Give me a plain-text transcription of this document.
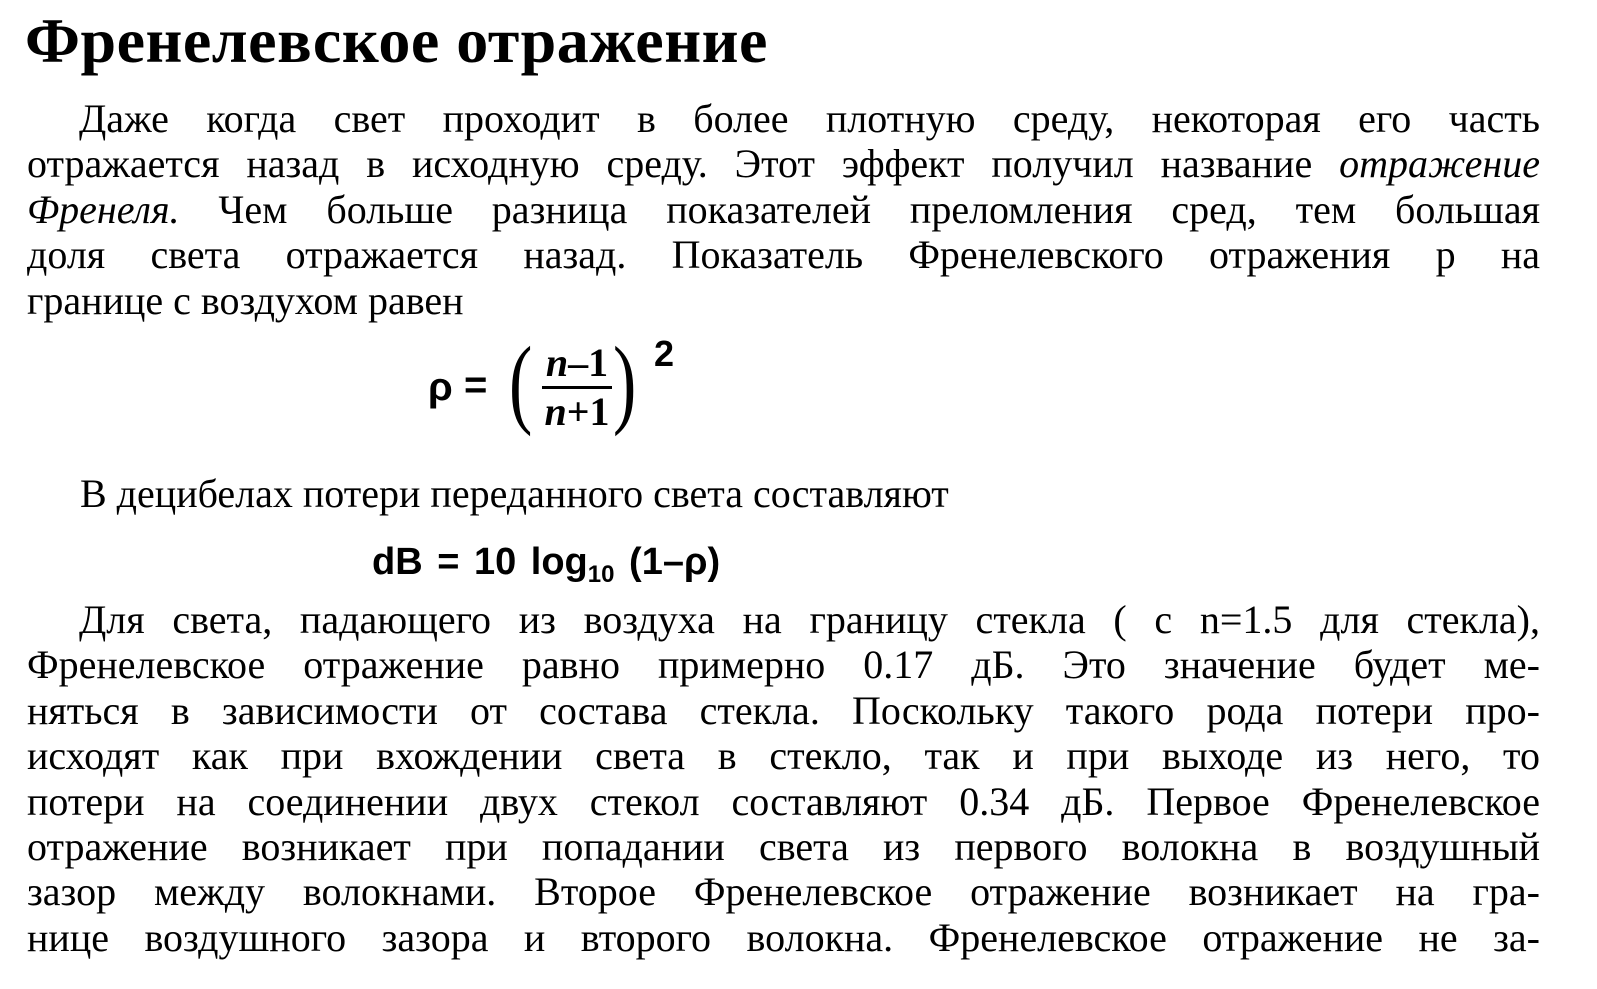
Френелевское отражение
Даже когда свет проходит в более плотную среду, некоторая его часть
отражается назад в исходную среду. Этот эффект получил название отражение
Френеля. Чем больше разница показателей преломления сред, тем большая
доля света отражается назад. Показатель Френелевского отражения р на
границе с воздухом равен
ρ = ( n–1
n+1 ) 2
В децибелах потери переданного света составляют
dB = 10 $\log_{10} (1-\rho)$
Для света, падающего из воздуха на границу стекла ( с n=1.5 для стекла),
Френелевское отражение равно примерно 0.17 дБ. Это значение будет ме-
няться в зависимости от состава стекла. Поскольку такого рода потери про-
исходят как при вхождении света в стекло, так и при выходе из него, то
потери на соединении двух стекол составляют 0.34 дБ. Первое Френелевское
отражение возникает при попадании света из первого волокна в воздушный
зазор между волокнами. Второе Френелевское отражение возникает на гра-
нице воздушного зазора и второго волокна. Френелевское отражение не за-
